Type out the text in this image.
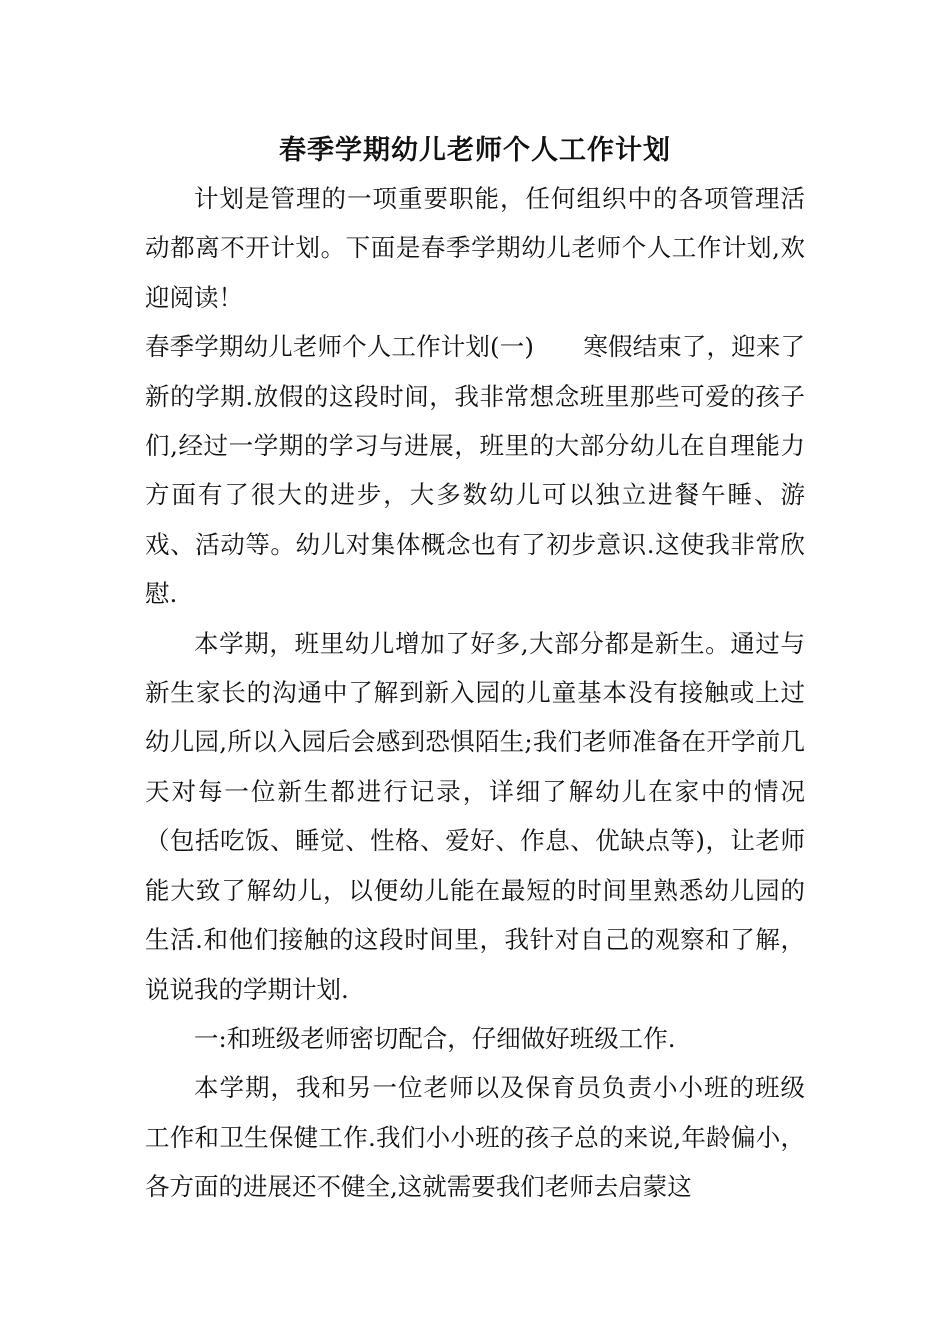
春季学期幼儿老师个人工作计划

计划是管理的一项重要职能，任何组织中的各项管理活动都离不开计划。下面是春季学期幼儿老师个人工作计划,欢迎阅读！

春季学期幼儿老师个人工作计划(一)　　寒假结束了，迎来了新的学期.放假的这段时间，我非常想念班里那些可爱的孩子们,经过一学期的学习与进展，班里的大部分幼儿在自理能力方面有了很大的进步，大多数幼儿可以独立进餐午睡、游戏、活动等。幼儿对集体概念也有了初步意识.这使我非常欣慰.

本学期，班里幼儿增加了好多,大部分都是新生。通过与新生家长的沟通中了解到新入园的儿童基本没有接触或上过幼儿园,所以入园后会感到恐惧陌生;我们老师准备在开学前几天对每一位新生都进行记录，详细了解幼儿在家中的情况（包括吃饭、睡觉、性格、爱好、作息、优缺点等)，让老师能大致了解幼儿，以便幼儿能在最短的时间里熟悉幼儿园的生活.和他们接触的这段时间里，我针对自己的观察和了解，说说我的学期计划.

一:和班级老师密切配合，仔细做好班级工作.

本学期，我和另一位老师以及保育员负责小小班的班级工作和卫生保健工作.我们小小班的孩子总的来说,年龄偏小，各方面的进展还不健全,这就需要我们老师去启蒙这
